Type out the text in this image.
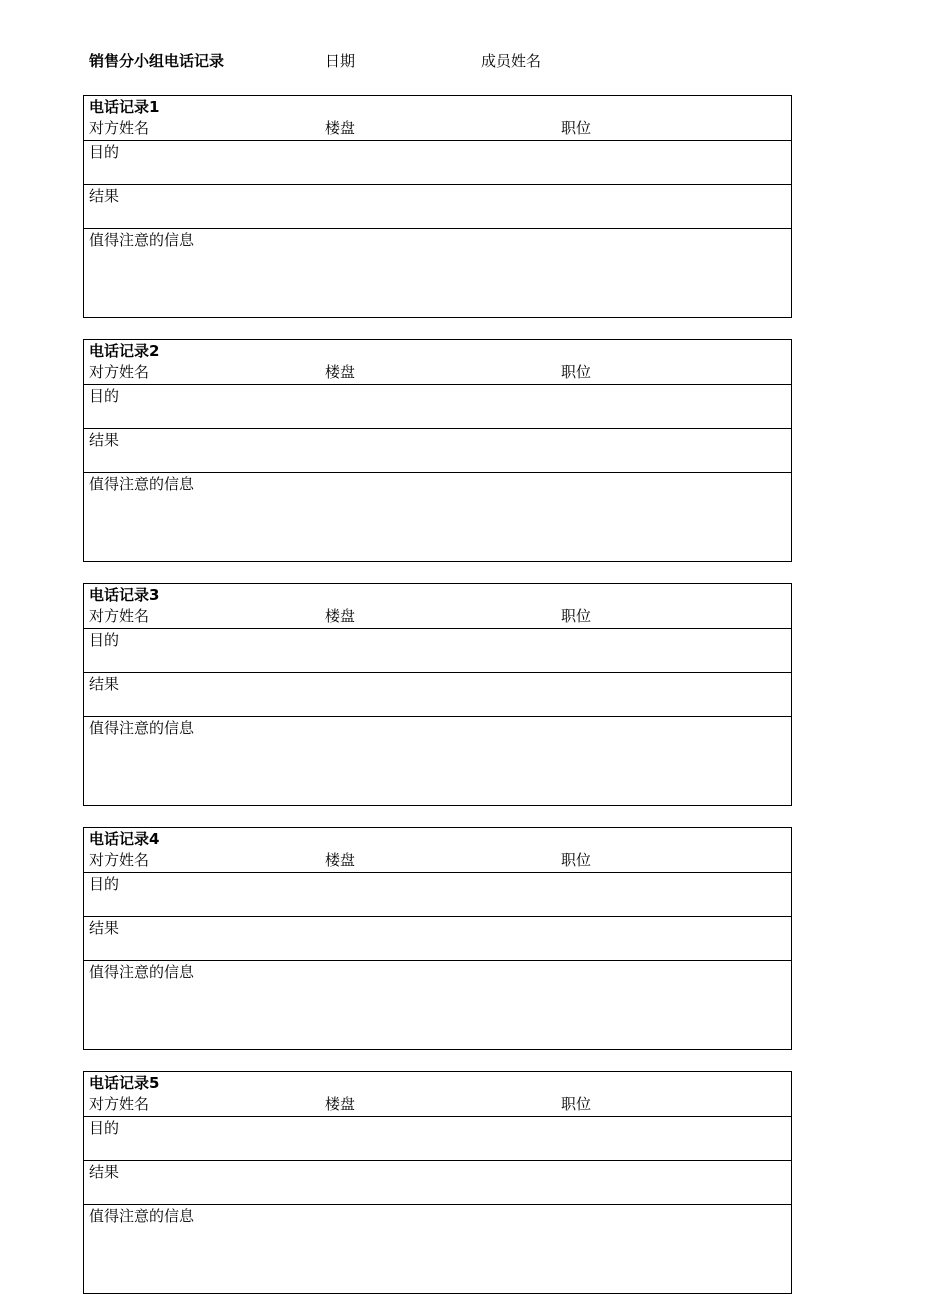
销售分小组电话记录	日期	成员姓名
电话记录1
对方姓名	楼盘	职位
目的
结果
值得注意的信息
电话记录2
对方姓名	楼盘	职位
目的
结果
值得注意的信息
电话记录3
对方姓名	楼盘	职位
目的
结果
值得注意的信息
电话记录4
对方姓名	楼盘	职位
目的
结果
值得注意的信息
电话记录5
对方姓名	楼盘	职位
目的
结果
值得注意的信息
